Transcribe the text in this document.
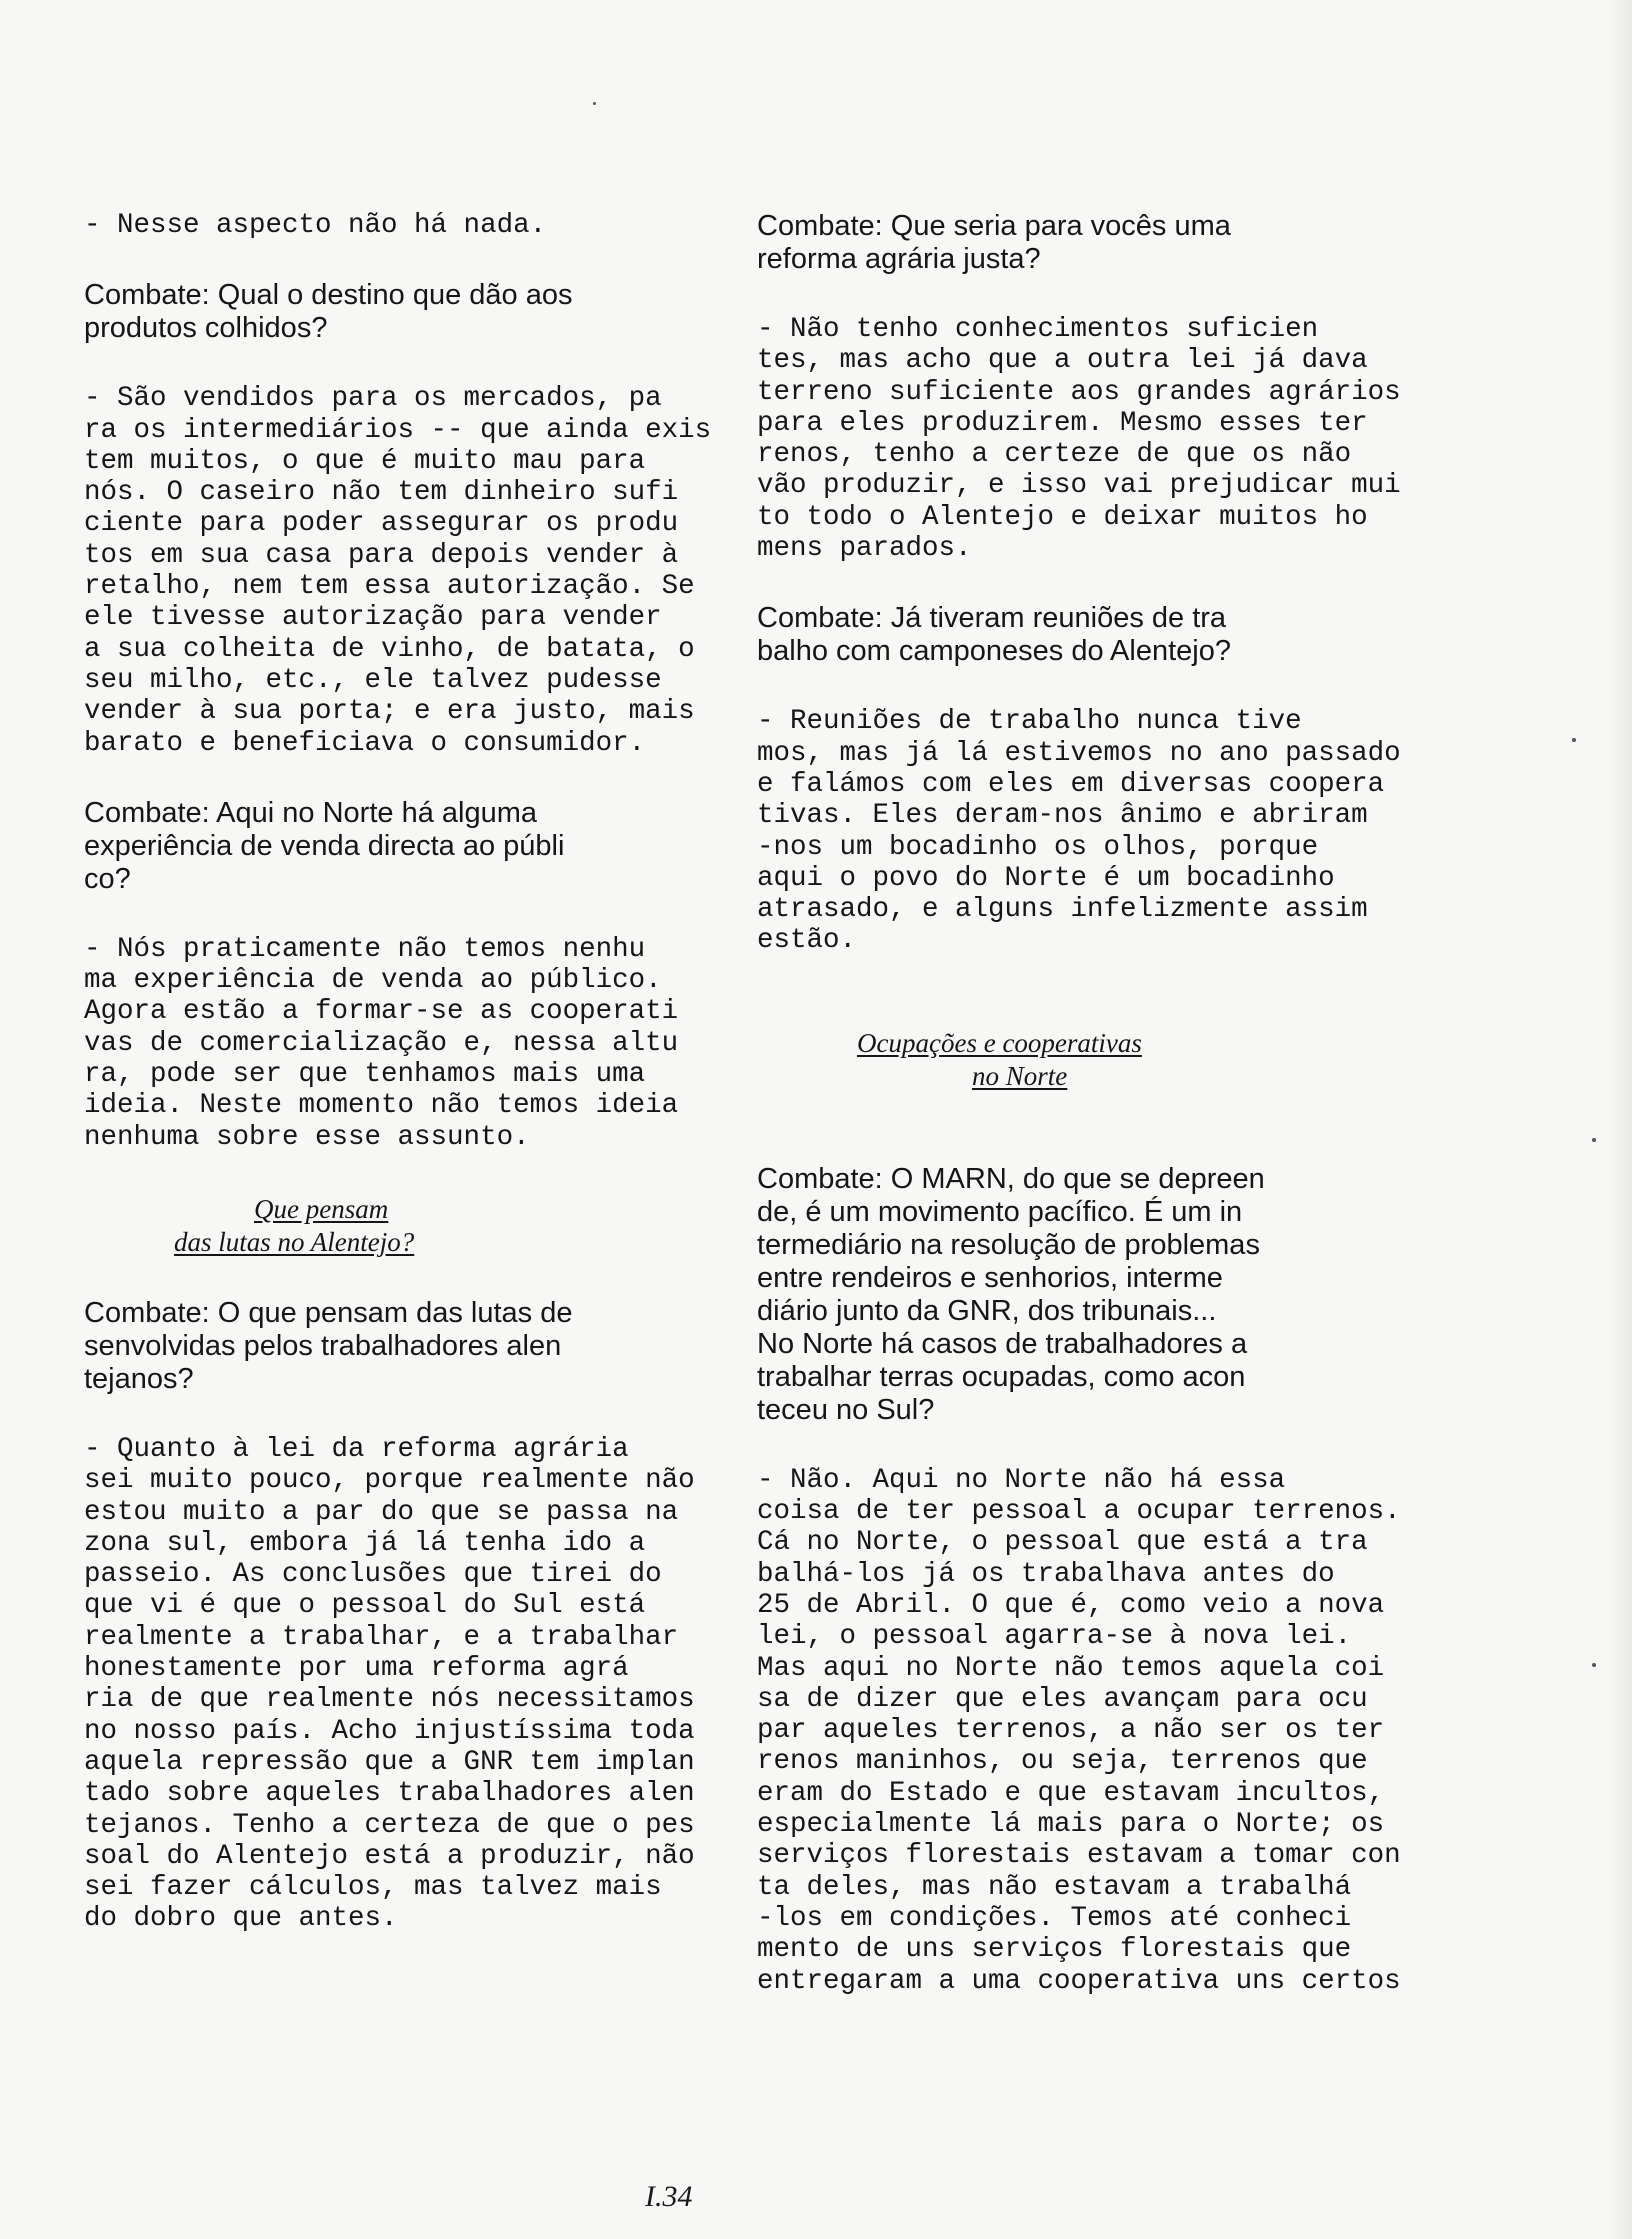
- Nesse aspecto não há nada.
Combate: Qual o destino que dão aos
produtos colhidos?
- São vendidos para os mercados, pa
ra os intermediários -- que ainda exis
tem muitos, o que é muito mau para
nós. O caseiro não tem dinheiro sufi
ciente para poder assegurar os produ
tos em sua casa para depois vender à
retalho, nem tem essa autorização. Se
ele tivesse autorização para vender
a sua colheita de vinho, de batata, o
seu milho, etc., ele talvez pudesse
vender à sua porta; e era justo, mais
barato e beneficiava o consumidor.
Combate: Aqui no Norte há alguma
experiência de venda directa ao públi
co?
- Nós praticamente não temos nenhu
ma experiência de venda ao público.
Agora estão a formar-se as cooperati
vas de comercialização e, nessa altu
ra, pode ser que tenhamos mais uma
ideia. Neste momento não temos ideia
nenhuma sobre esse assunto.
Que pensam
das lutas no Alentejo?
Combate: O que pensam das lutas de
senvolvidas pelos trabalhadores alen
tejanos?
- Quanto à lei da reforma agrária
sei muito pouco, porque realmente não
estou muito a par do que se passa na
zona sul, embora já lá tenha ido a
passeio. As conclusões que tirei do
que vi é que o pessoal do Sul está
realmente a trabalhar, e a trabalhar
honestamente por uma reforma agrá
ria de que realmente nós necessitamos
no nosso país. Acho injustíssima toda
aquela repressão que a GNR tem implan
tado sobre aqueles trabalhadores alen
tejanos. Tenho a certeza de que o pes
soal do Alentejo está a produzir, não
sei fazer cálculos, mas talvez mais
do dobro que antes.
Combate: Que seria para vocês uma
reforma agrária justa?
- Não tenho conhecimentos suficien
tes, mas acho que a outra lei já dava
terreno suficiente aos grandes agrários
para eles produzirem. Mesmo esses ter
renos, tenho a certeze de que os não
vão produzir, e isso vai prejudicar mui
to todo o Alentejo e deixar muitos ho
mens parados.
Combate: Já tiveram reuniões de tra
balho com camponeses do Alentejo?
- Reuniões de trabalho nunca tive
mos, mas já lá estivemos no ano passado
e falámos com eles em diversas coopera
tivas. Eles deram-nos ânimo e abriram
-nos um bocadinho os olhos, porque
aqui o povo do Norte é um bocadinho
atrasado, e alguns infelizmente assim
estão.
Ocupações e cooperativas
no Norte
Combate: O MARN, do que se depreen
de, é um movimento pacífico. É um in
termediário na resolução de problemas
entre rendeiros e senhorios, interme
diário junto da GNR, dos tribunais...
No Norte há casos de trabalhadores a
trabalhar terras ocupadas, como acon
teceu no Sul?
- Não. Aqui no Norte não há essa
coisa de ter pessoal a ocupar terrenos.
Cá no Norte, o pessoal que está a tra
balhá-los já os trabalhava antes do
25 de Abril. O que é, como veio a nova
lei, o pessoal agarra-se à nova lei.
Mas aqui no Norte não temos aquela coi
sa de dizer que eles avançam para ocu
par aqueles terrenos, a não ser os ter
renos maninhos, ou seja, terrenos que
eram do Estado e que estavam incultos,
especialmente lá mais para o Norte; os
serviços florestais estavam a tomar con
ta deles, mas não estavam a trabalhá
-los em condições. Temos até conheci
mento de uns serviços florestais que
entregaram a uma cooperativa uns certos
I.34
